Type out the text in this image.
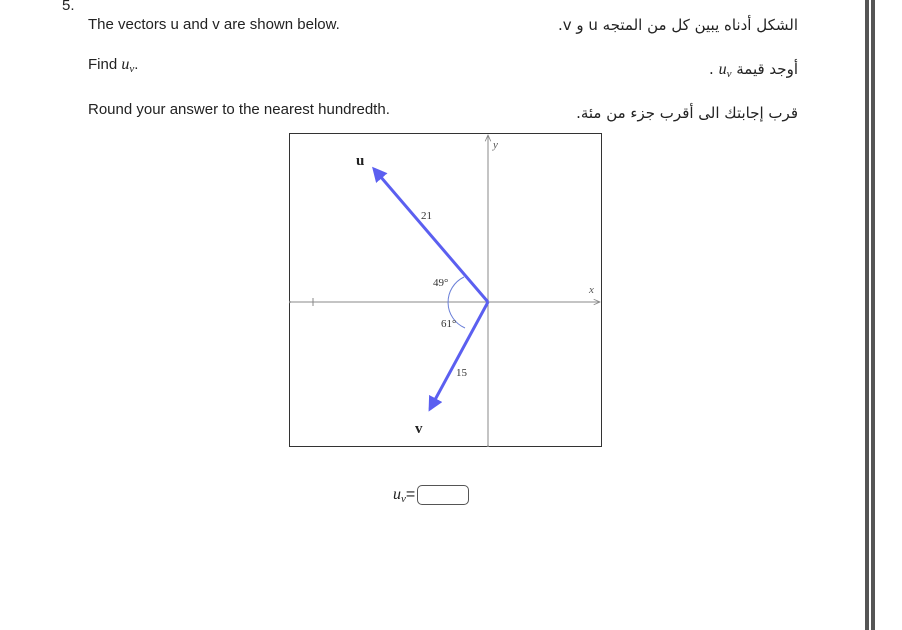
5.
The vectors u and v are shown below.	الشكل أدناه يبين كل من المتجه u و v.
Find $u_v$.	أوجد قيمة $u_v$ .
Round your answer to the nearest hundredth.	قرب إجابتك الى أقرب جزء من مئة.
x
y
u
v
21
15
49°
61°
$u_v=$
